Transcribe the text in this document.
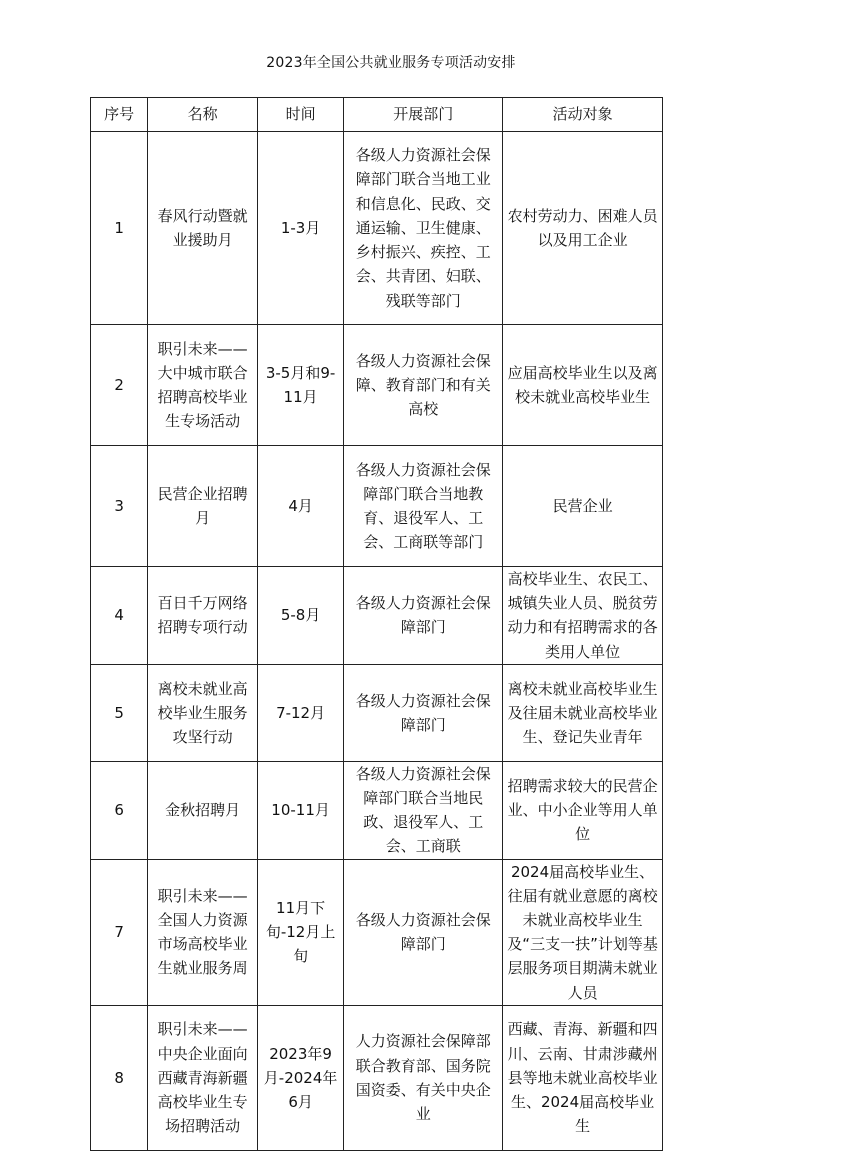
2023年全国公共就业服务专项活动安排
序号	名称	时间	开展部门	活动对象
1	春风行动暨就业援助月	1-3月	各级人力资源社会保障部门联合当地工业和信息化、民政、交通运输、卫生健康、乡村振兴、疾控、工会、共青团、妇联、残联等部门	农村劳动力、困难人员以及用工企业
2	职引未来——大中城市联合招聘高校毕业生专场活动	3-5月和9-11月	各级人力资源社会保障、教育部门和有关高校	应届高校毕业生以及离校未就业高校毕业生
3	民营企业招聘月	4月	各级人力资源社会保障部门联合当地教育、退役军人、工会、工商联等部门	民营企业
4	百日千万网络招聘专项行动	5-8月	各级人力资源社会保障部门	高校毕业生、农民工、城镇失业人员、脱贫劳动力和有招聘需求的各类用人单位
5	离校未就业高校毕业生服务攻坚行动	7-12月	各级人力资源社会保障部门	离校未就业高校毕业生及往届未就业高校毕业生、登记失业青年
6	金秋招聘月	10-11月	各级人力资源社会保障部门联合当地民政、退役军人、工会、工商联	招聘需求较大的民营企业、中小企业等用人单位
7	职引未来——全国人力资源市场高校毕业生就业服务周	11月下旬-12月上旬	各级人力资源社会保障部门	2024届高校毕业生、往届有就业意愿的离校未就业高校毕业生及“三支一扶”计划等基层服务项目期满未就业人员
8	职引未来——中央企业面向西藏青海新疆高校毕业生专场招聘活动	2023年9月-2024年6月	人力资源社会保障部联合教育部、国务院国资委、有关中央企业	西藏、青海、新疆和四川、云南、甘肃涉藏州县等地未就业高校毕业生、2024届高校毕业生
